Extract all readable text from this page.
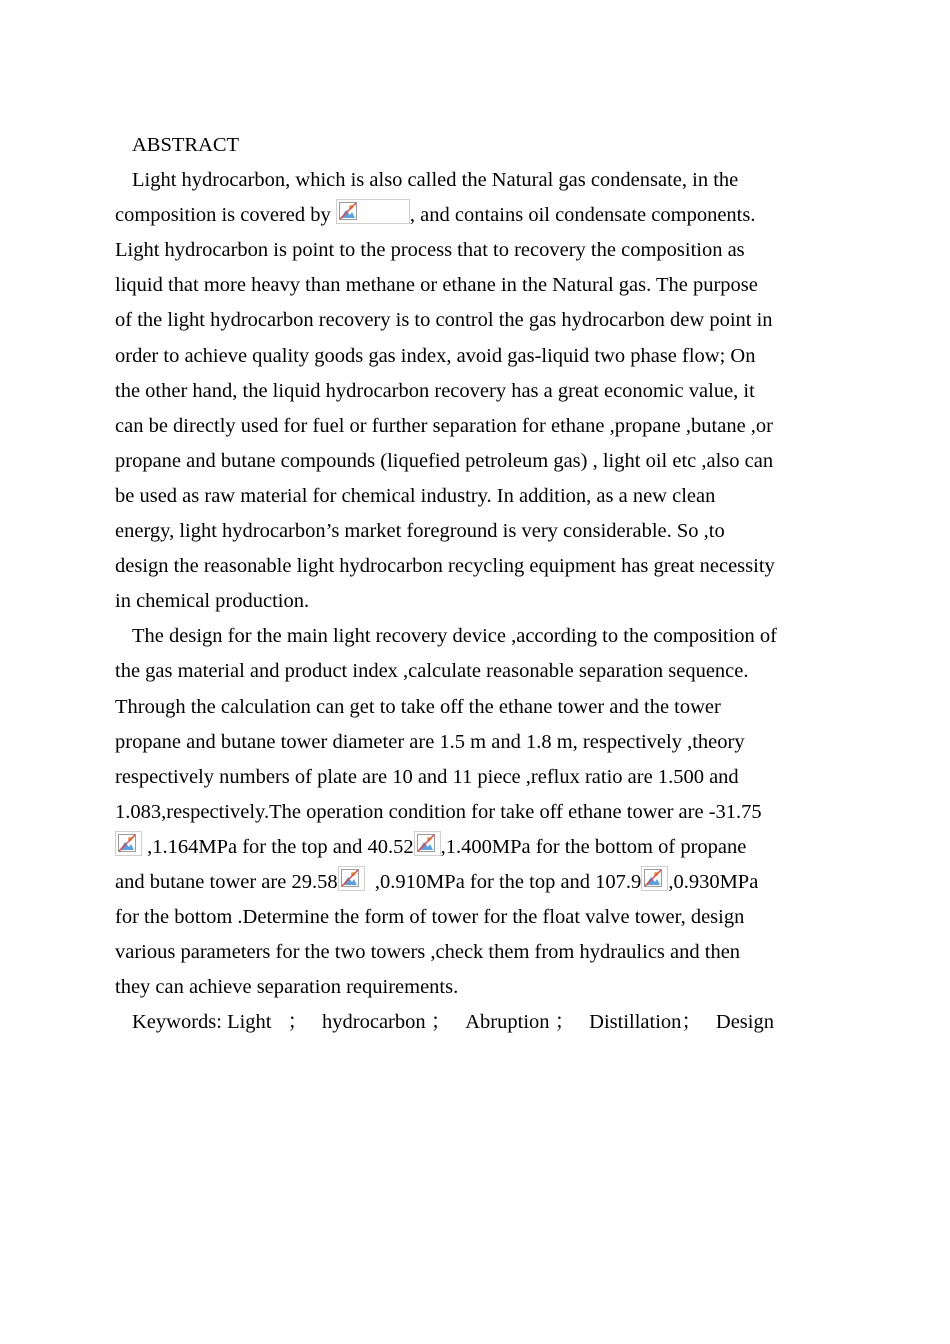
ABSTRACT
Light hydrocarbon, which is also called the Natural gas condensate, in the
composition is covered by	, and contains oil condensate components.
Light hydrocarbon is point to the process that to recovery the composition as
liquid that more heavy than methane or ethane in the Natural gas. The purpose
of the light hydrocarbon recovery is to control the gas hydrocarbon dew point in
order to achieve quality goods gas index, avoid gas-liquid two phase flow; On
the other hand, the liquid hydrocarbon recovery has a great economic value, it
can be directly used for fuel or further separation for ethane ,propane ,butane ,or
propane and butane compounds (liquefied petroleum gas) , light oil etc ,also can
be used as raw material for chemical industry. In addition, as a new clean
energy, light hydrocarbon’s market foreground is very considerable. So ,to
design the reasonable light hydrocarbon recycling equipment has great necessity
in chemical production.
The design for the main light recovery device ,according to the composition of
the gas material and product index ,calculate reasonable separation sequence.
Through the calculation can get to take off the ethane tower and the tower
propane and butane tower diameter are 1.5 m and 1.8 m, respectively ,theory
respectively numbers of plate are 10 and 11 piece ,reflux ratio are 1.500 and
1.083,respectively.The operation condition for take off ethane tower are -31.75
,1.164MPa for the top and 40.52 ,1.400MPa for the bottom of propane
and butane tower are 29.58
,0.910MPa for the top and 107.9 ,0.930MPa
for the bottom .Determine the form of tower for the float valve tower, design
various parameters for the two towers ,check them from hydraulics and then
they can achieve separation requirements.
Keywords: Light ； hydrocarbon ； Abruption ； Distillation； Design
